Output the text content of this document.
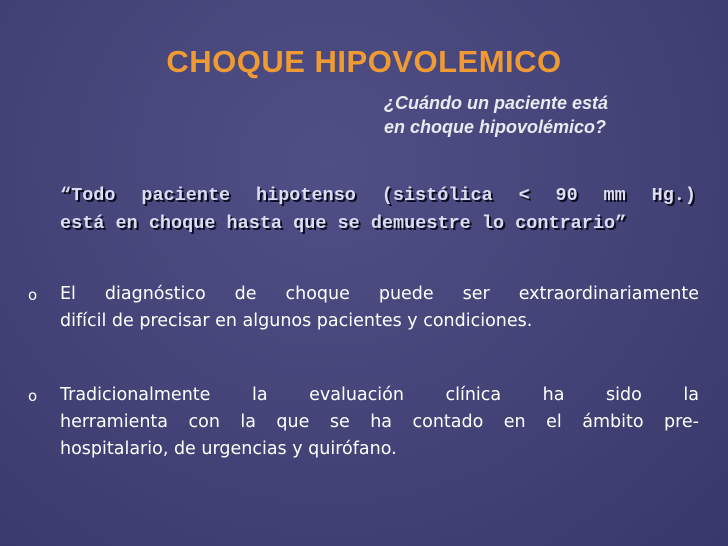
CHOQUE HIPOVOLEMICO
¿Cuándo un paciente está
en choque hipovolémico?
“Todo paciente hipotenso (sistólica < 90 mm Hg.)
está en choque hasta que se demuestre lo contrario”
o El diagnóstico de choque puede ser extraordinariamente
difícil de precisar en algunos pacientes y condiciones.
o Tradicionalmente la evaluación clínica ha sido la
herramienta con la que se ha contado en el ámbito pre-
hospitalario, de urgencias y quirófano.
